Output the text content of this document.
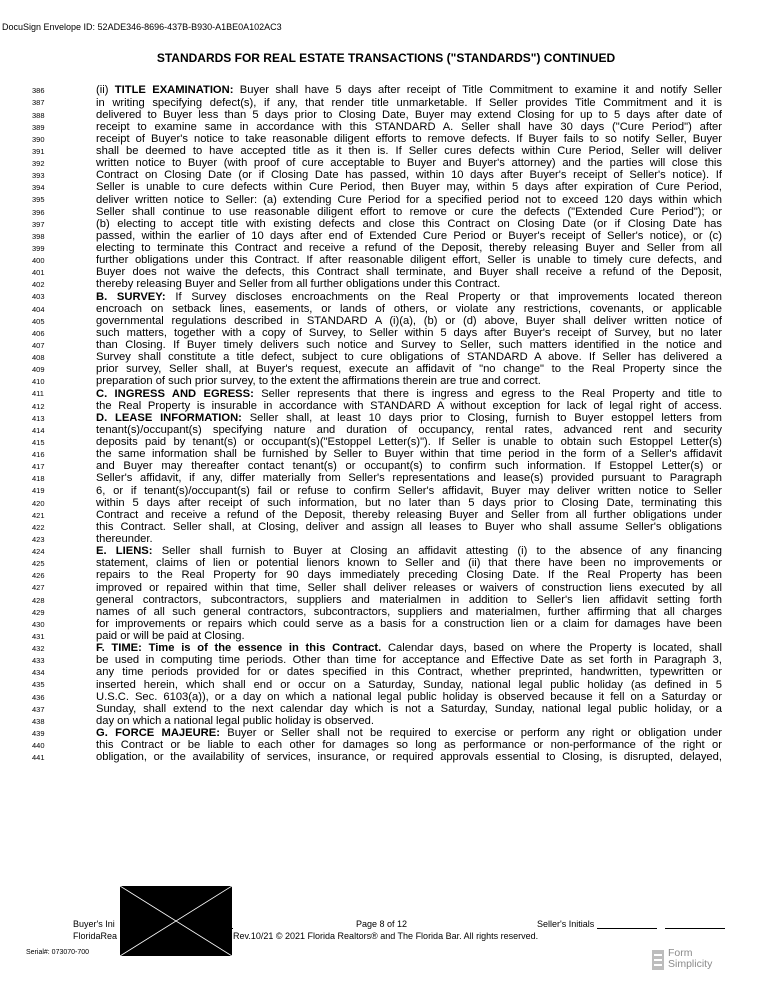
DocuSign Envelope ID: 52ADE346-8696-437B-B930-A1BE0A102AC3
STANDARDS FOR REAL ESTATE TRANSACTIONS ("STANDARDS") CONTINUED
386	(ii) TITLE EXAMINATION: Buyer shall have 5 days after receipt of Title Commitment to examine it and notify Seller
387	in writing specifying defect(s), if any, that render title unmarketable. If Seller provides Title Commitment and it is
388	delivered to Buyer less than 5 days prior to Closing Date, Buyer may extend Closing for up to 5 days after date of
389	receipt to examine same in accordance with this STANDARD A. Seller shall have 30 days ("Cure Period") after
390	receipt of Buyer's notice to take reasonable diligent efforts to remove defects. If Buyer fails to so notify Seller, Buyer
391	shall be deemed to have accepted title as it then is. If Seller cures defects within Cure Period, Seller will deliver
392	written notice to Buyer (with proof of cure acceptable to Buyer and Buyer's attorney) and the parties will close this
393	Contract on Closing Date (or if Closing Date has passed, within 10 days after Buyer's receipt of Seller's notice). If
394	Seller is unable to cure defects within Cure Period, then Buyer may, within 5 days after expiration of Cure Period,
395	deliver written notice to Seller: (a) extending Cure Period for a specified period not to exceed 120 days within which
396	Seller shall continue to use reasonable diligent effort to remove or cure the defects ("Extended Cure Period"); or
397	(b) electing to accept title with existing defects and close this Contract on Closing Date (or if Closing Date has
398	passed, within the earlier of 10 days after end of Extended Cure Period or Buyer's receipt of Seller's notice), or (c)
399	electing to terminate this Contract and receive a refund of the Deposit, thereby releasing Buyer and Seller from all
400	further obligations under this Contract. If after reasonable diligent effort, Seller is unable to timely cure defects, and
401	Buyer does not waive the defects, this Contract shall terminate, and Buyer shall receive a refund of the Deposit,
402	thereby releasing Buyer and Seller from all further obligations under this Contract.
403	B. SURVEY: If Survey discloses encroachments on the Real Property or that improvements located thereon
404	encroach on setback lines, easements, or lands of others, or violate any restrictions, covenants, or applicable
405	governmental regulations described in STANDARD A (i)(a), (b) or (d) above, Buyer shall deliver written notice of
406	such matters, together with a copy of Survey, to Seller within 5 days after Buyer's receipt of Survey, but no later
407	than Closing. If Buyer timely delivers such notice and Survey to Seller, such matters identified in the notice and
408	Survey shall constitute a title defect, subject to cure obligations of STANDARD A above. If Seller has delivered a
409	prior survey, Seller shall, at Buyer's request, execute an affidavit of "no change" to the Real Property since the
410	preparation of such prior survey, to the extent the affirmations therein are true and correct.
411	C. INGRESS AND EGRESS: Seller represents that there is ingress and egress to the Real Property and title to
412	the Real Property is insurable in accordance with STANDARD A without exception for lack of legal right of access.
413	D. LEASE INFORMATION: Seller shall, at least 10 days prior to Closing, furnish to Buyer estoppel letters from
414	tenant(s)/occupant(s) specifying nature and duration of occupancy, rental rates, advanced rent and security
415	deposits paid by tenant(s) or occupant(s)("Estoppel Letter(s)"). If Seller is unable to obtain such Estoppel Letter(s)
416	the same information shall be furnished by Seller to Buyer within that time period in the form of a Seller's affidavit
417	and Buyer may thereafter contact tenant(s) or occupant(s) to confirm such information. If Estoppel Letter(s) or
418	Seller's affidavit, if any, differ materially from Seller's representations and lease(s) provided pursuant to Paragraph
419	6, or if tenant(s)/occupant(s) fail or refuse to confirm Seller's affidavit, Buyer may deliver written notice to Seller
420	within 5 days after receipt of such information, but no later than 5 days prior to Closing Date, terminating this
421	Contract and receive a refund of the Deposit, thereby releasing Buyer and Seller from all further obligations under
422	this Contract. Seller shall, at Closing, deliver and assign all leases to Buyer who shall assume Seller's obligations
423	thereunder.
424	E. LIENS: Seller shall furnish to Buyer at Closing an affidavit attesting (i) to the absence of any financing
425	statement, claims of lien or potential lienors known to Seller and (ii) that there have been no improvements or
426	repairs to the Real Property for 90 days immediately preceding Closing Date. If the Real Property has been
427	improved or repaired within that time, Seller shall deliver releases or waivers of construction liens executed by all
428	general contractors, subcontractors, suppliers and materialmen in addition to Seller's lien affidavit setting forth
429	names of all such general contractors, subcontractors, suppliers and materialmen, further affirming that all charges
430	for improvements or repairs which could serve as a basis for a construction lien or a claim for damages have been
431	paid or will be paid at Closing.
432	F. TIME: Time is of the essence in this Contract. Calendar days, based on where the Property is located, shall
433	be used in computing time periods. Other than time for acceptance and Effective Date as set forth in Paragraph 3,
434	any time periods provided for or dates specified in this Contract, whether preprinted, handwritten, typewritten or
435	inserted herein, which shall end or occur on a Saturday, Sunday, national legal public holiday (as defined in 5
436	U.S.C. Sec. 6103(a)), or a day on which a national legal public holiday is observed because it fell on a Saturday or
437	Sunday, shall extend to the next calendar day which is not a Saturday, Sunday, national legal public holiday, or a
438	day on which a national legal public holiday is observed.
439	G. FORCE MAJEURE: Buyer or Seller shall not be required to exercise or perform any right or obligation under
440	this Contract or be liable to each other for damages so long as performance or non-performance of the right or
441	obligation, or the availability of services, insurance, or required approvals essential to Closing, is disrupted, delayed,
Buyer's Ini	Page 8 of 12	Seller's Initials
FloridaRea	Rev.10/21 © 2021 Florida Realtors® and The Florida Bar. All rights reserved.
Serial#: 073070-700	Form
Simplicity
